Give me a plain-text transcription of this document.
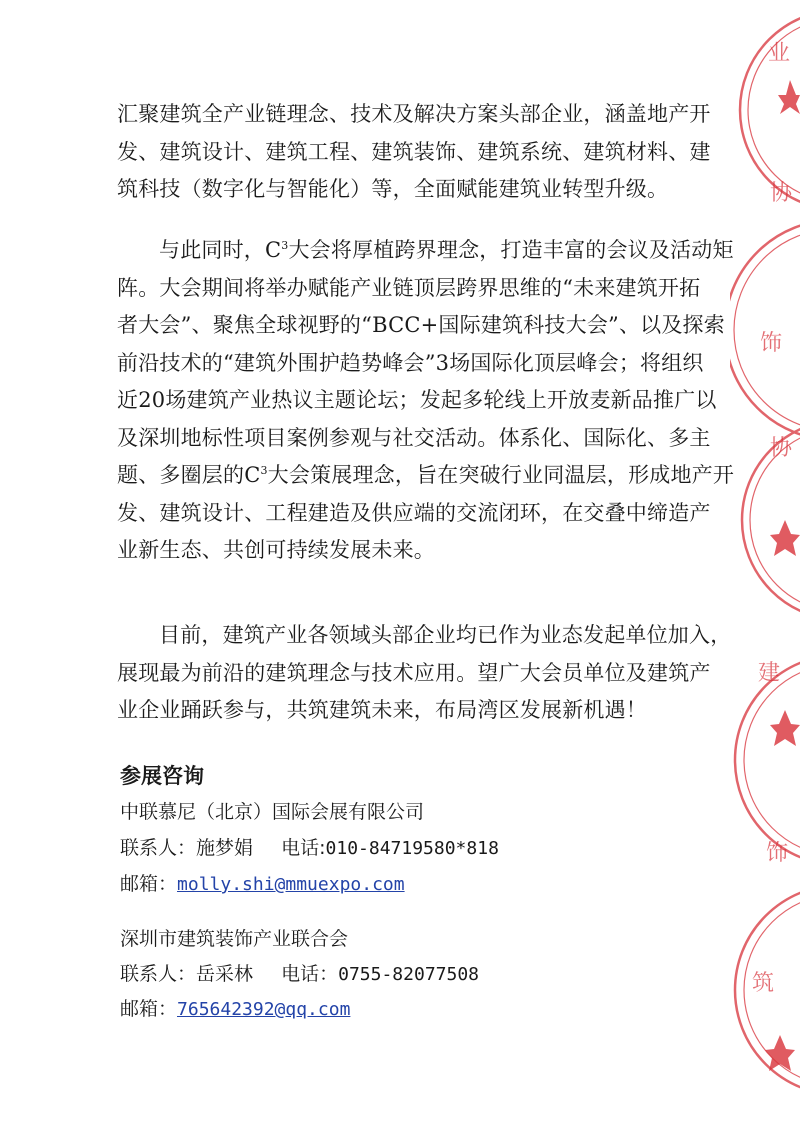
汇聚建筑全产业链理念、技术及解决方案头部企业，涵盖地产开
发、建筑设计、建筑工程、建筑装饰、建筑系统、建筑材料、建
筑科技（数字化与智能化）等，全面赋能建筑业转型升级。

与此同时，$C^3$大会将厚植跨界理念，打造丰富的会议及活动矩
阵。大会期间将举办赋能产业链顶层跨界思维的“未来建筑开拓
者大会”、聚焦全球视野的“BCC+国际建筑科技大会”、以及探索
前沿技术的“建筑外围护趋势峰会”3场国际化顶层峰会；将组织
近20场建筑产业热议主题论坛；发起多轮线上开放麦新品推广以
及深圳地标性项目案例参观与社交活动。体系化、国际化、多主
题、多圈层的$C^3$大会策展理念，旨在突破行业同温层，形成地产开
发、建筑设计、工程建造及供应端的交流闭环，在交叠中缔造产
业新生态、共创可持续发展未来。

目前，建筑产业各领域头部企业均已作为业态发起单位加入，
展现最为前沿的建筑理念与技术应用。望广大会员单位及建筑产
业企业踊跃参与，共筑建筑未来，布局湾区发展新机遇！

参展咨询
中联慕尼（北京）国际会展有限公司
联系人：施梦娟 电话:010-84719580*818
邮箱：molly.shi@mmuexpo.com
深圳市建筑装饰产业联合会
联系人：岳采林 电话：0755-82077508
邮箱：765642392@qq.com
业
协
饰
协
建
饰
筑
